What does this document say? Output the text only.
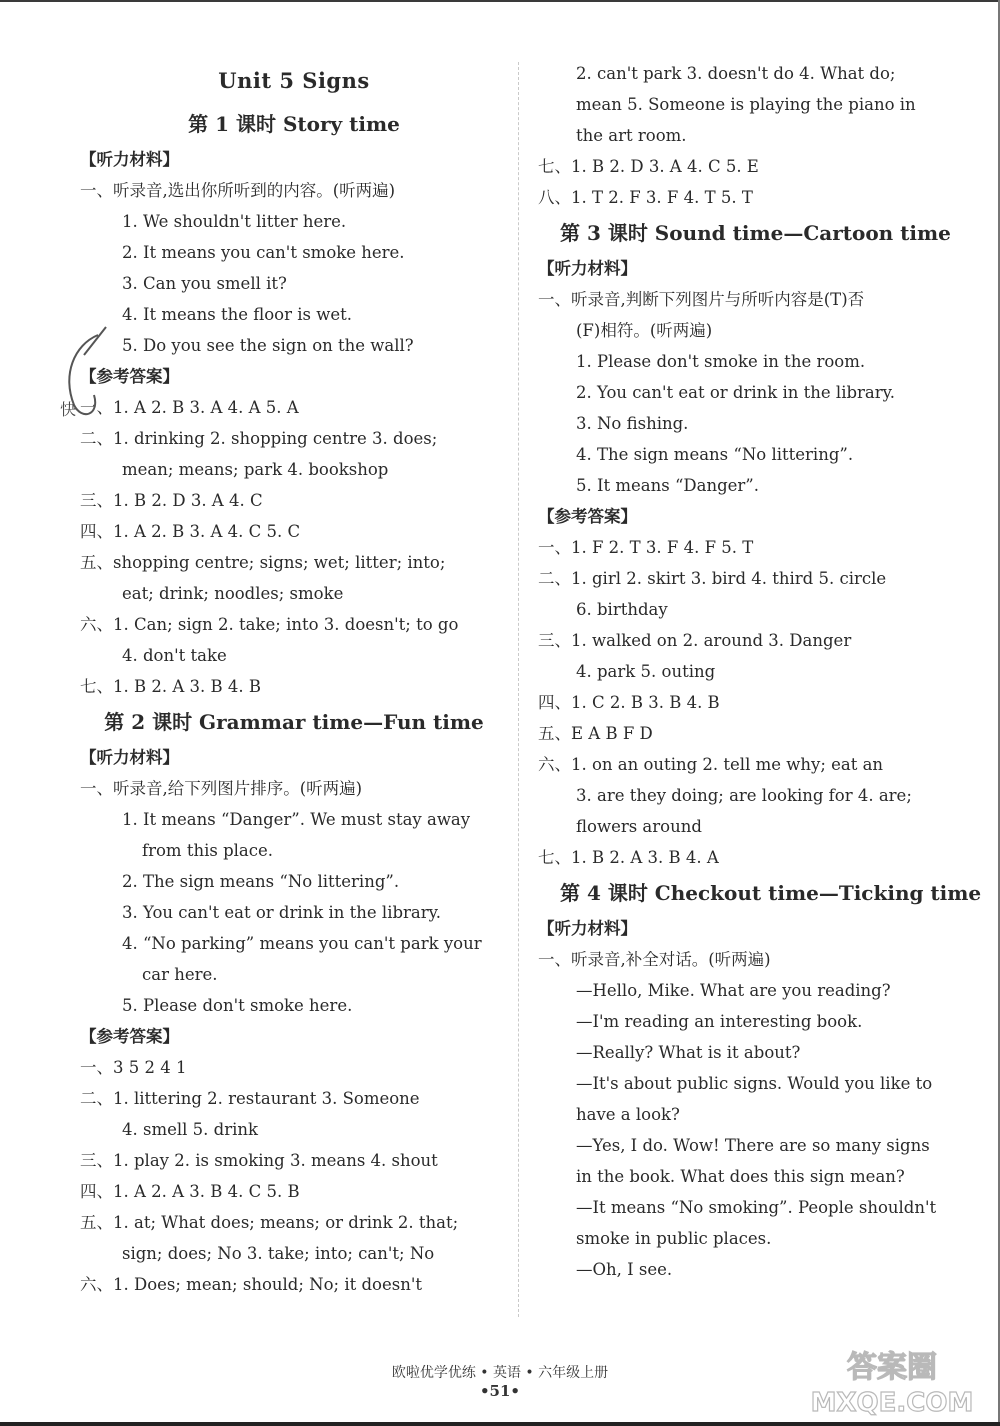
Unit 5 Signs
第 1 课时 Story time
【听力材料】
一、听录音,选出你所听到的内容。(听两遍)
1. We shouldn't litter here.
2. It means you can't smoke here.
3. Can you smell it?
4. It means the floor is wet.
5. Do you see the sign on the wall?
【参考答案】
一、1. A 2. B 3. A 4. A 5. A
二、1. drinking 2. shopping centre 3. does;
mean; means; park 4. bookshop
三、1. B 2. D 3. A 4. C
四、1. A 2. B 3. A 4. C 5. C
五、shopping centre; signs; wet; litter; into;
eat; drink; noodles; smoke
六、1. Can; sign 2. take; into 3. doesn't; to go
4. don't take
七、1. B 2. A 3. B 4. B
第 2 课时 Grammar time—Fun time
【听力材料】
一、听录音,给下列图片排序。(听两遍)
1. It means “Danger”. We must stay away
from this place.
2. The sign means “No littering”.
3. You can't eat or drink in the library.
4. “No parking” means you can't park your
car here.
5. Please don't smoke here.
【参考答案】
一、3 5 2 4 1
二、1. littering 2. restaurant 3. Someone
4. smell 5. drink
三、1. play 2. is smoking 3. means 4. shout
四、1. A 2. A 3. B 4. C 5. B
五、1. at; What does; means; or drink 2. that;
sign; does; No 3. take; into; can't; No
六、1. Does; mean; should; No; it doesn't
2. can't park 3. doesn't do 4. What do;
mean 5. Someone is playing the piano in
the art room.
七、1. B 2. D 3. A 4. C 5. E
八、1. T 2. F 3. F 4. T 5. T
第 3 课时 Sound time—Cartoon time
【听力材料】
一、听录音,判断下列图片与所听内容是(T)否
(F)相符。(听两遍)
1. Please don't smoke in the room.
2. You can't eat or drink in the library.
3. No fishing.
4. The sign means “No littering”.
5. It means “Danger”.
【参考答案】
一、1. F 2. T 3. F 4. F 5. T
二、1. girl 2. skirt 3. bird 4. third 5. circle
6. birthday
三、1. walked on 2. around 3. Danger
4. park 5. outing
四、1. C 2. B 3. B 4. B
五、E A B F D
六、1. on an outing 2. tell me why; eat an
3. are they doing; are looking for 4. are;
flowers around
七、1. B 2. A 3. B 4. A
第 4 课时 Checkout time—Ticking time
【听力材料】
一、听录音,补全对话。(听两遍)
—Hello, Mike. What are you reading?
—I'm reading an interesting book.
—Really? What is it about?
—It's about public signs. Would you like to
have a look?
—Yes, I do. Wow! There are so many signs
in the book. What does this sign mean?
—It means “No smoking”. People shouldn't
smoke in public places.
—Oh, I see.
快
欧啦优学优练 • 英语 • 六年级上册
•51•
答案圈
MXQE.COM
